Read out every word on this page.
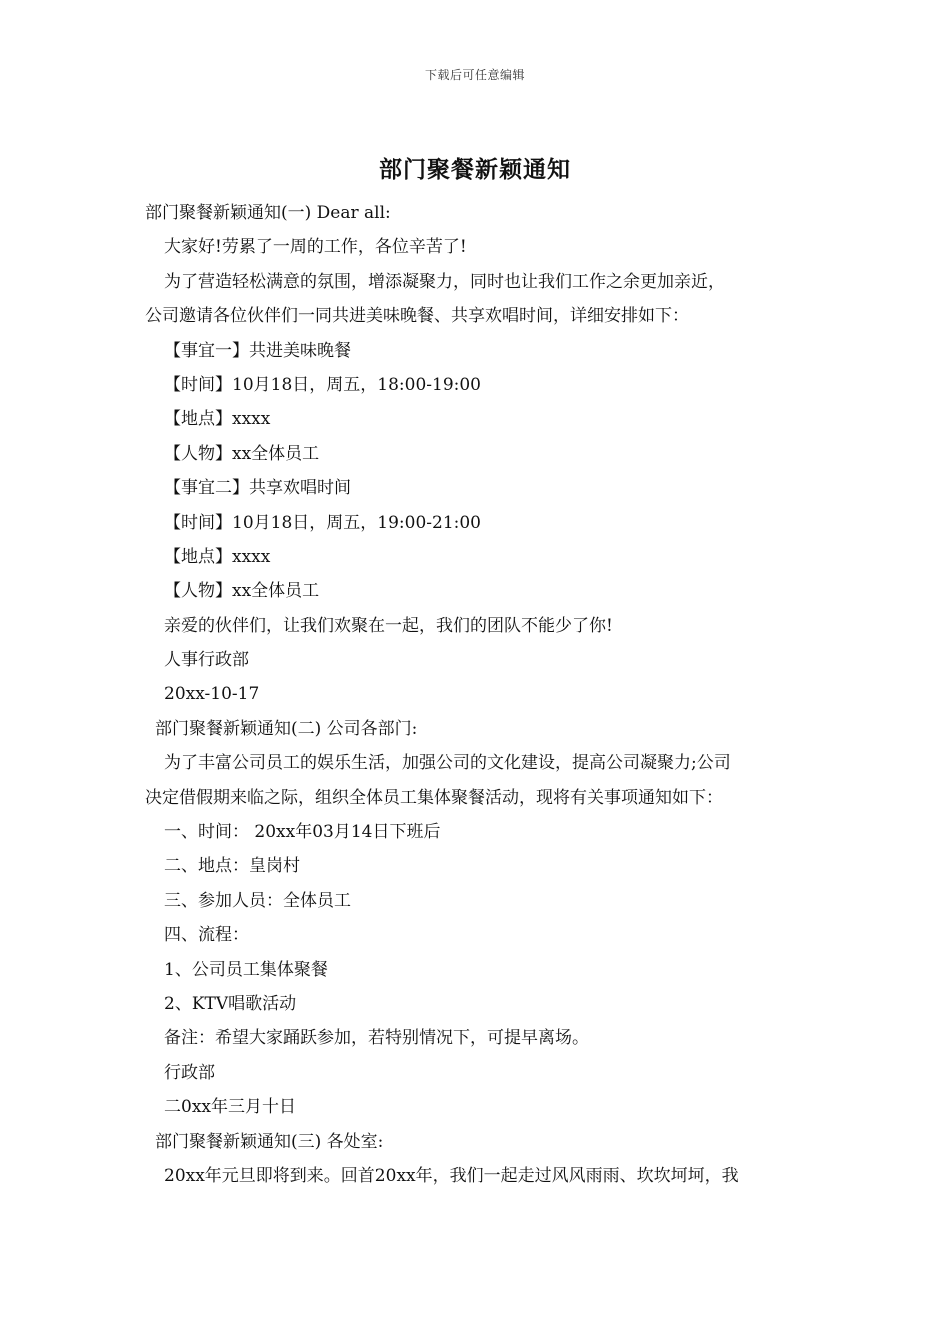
下载后可任意编辑
部门聚餐新颖通知
部门聚餐新颖通知(一) Dear all:
大家好!劳累了一周的工作，各位辛苦了!
为了营造轻松满意的氛围，增添凝聚力，同时也让我们工作之余更加亲近，
公司邀请各位伙伴们一同共进美味晚餐、共享欢唱时间，详细安排如下：
【事宜一】共进美味晚餐
【时间】10月18日，周五，18:00-19:00
【地点】xxxx
【人物】xx全体员工
【事宜二】共享欢唱时间
【时间】10月18日，周五，19:00-21:00
【地点】xxxx
【人物】xx全体员工
亲爱的伙伴们，让我们欢聚在一起，我们的团队不能少了你!
人事行政部
20xx-10-17
部门聚餐新颖通知(二) 公司各部门:
为了丰富公司员工的娱乐生活，加强公司的文化建设，提高公司凝聚力;公司
决定借假期来临之际，组织全体员工集体聚餐活动，现将有关事项通知如下：
一、时间： 20xx年03月14日下班后
二、地点：皇岗村
三、参加人员：全体员工
四、流程：
1、公司员工集体聚餐
2、KTV唱歌活动
备注：希望大家踊跃参加，若特别情况下，可提早离场。
行政部
二0xx年三月十日
部门聚餐新颖通知(三) 各处室:
20xx年元旦即将到来。回首20xx年，我们一起走过风风雨雨、坎坎坷坷，我
